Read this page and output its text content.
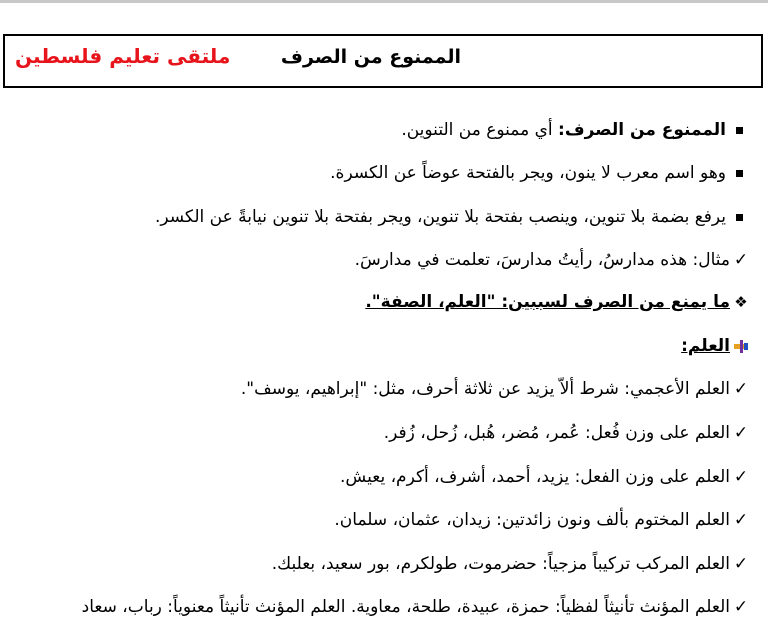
الممنوع من الصرف
ملتقى تعليم فلسطين
الممنوع من الصرف: أي ممنوع من التنوين.
وهو اسم معرب لا ينون، ويجر بالفتحة عوضاً عن الكسرة.
يرفع بضمة بلا تنوين، وينصب بفتحة بلا تنوين، ويجر بفتحة بلا تنوين نيابةً عن الكسر.
✓مثال: هذه مدارسُ، رأيتُ مدارسَ، تعلمت في مدارسَ.
❖ما يمنع من الصرف لسببين: "العلم، الصفة".
العلم:
✓العلم الأعجمي: شرط ألاّ يزيد عن ثلاثة أحرف، مثل: "إبراهيم، يوسف".
✓العلم على وزن فُعل: عُمر، مُضر، هُبل، زُحل، زُفر.
✓العلم على وزن الفعل: يزيد، أحمد، أشرف، أكرم، يعيش.
✓العلم المختوم بألف ونون زائدتين: زيدان، عثمان، سلمان.
✓العلم المركب تركيباً مزجياً: حضرموت، طولكرم، بور سعيد، بعلبك.
✓العلم المؤنث تأنيثاً لفظياً: حمزة، عبيدة، طلحة، معاوية. العلم المؤنث تأنيثاً معنوياً: رباب، سعاد
